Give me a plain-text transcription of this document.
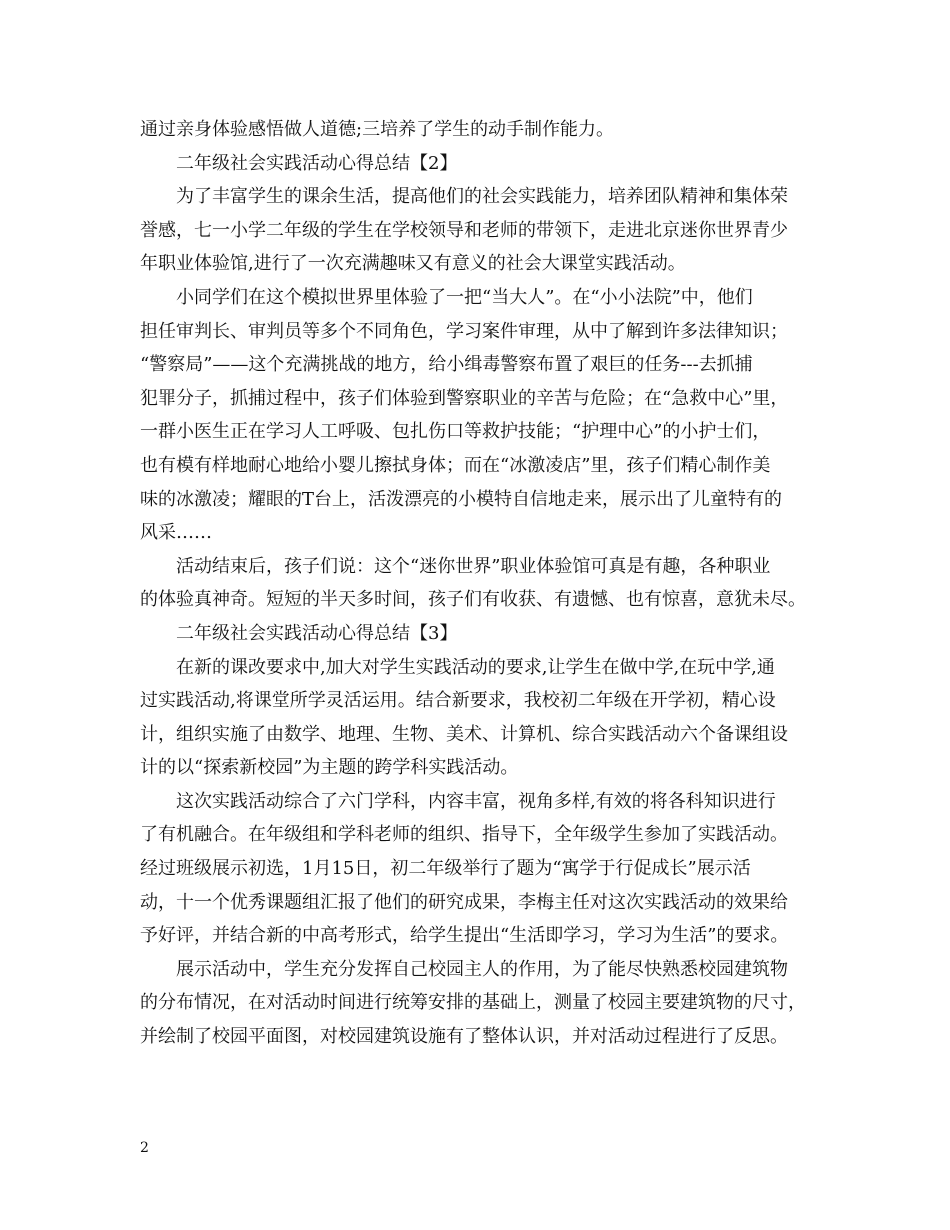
通过亲身体验感悟做人道德;三培养了学生的动手制作能力。
二年级社会实践活动心得总结【2】
为了丰富学生的课余生活，提高他们的社会实践能力，培养团队精神和集体荣
誉感，七一小学二年级的学生在学校领导和老师的带领下，走进北京迷你世界青少
年职业体验馆,进行了一次充满趣味又有意义的社会大课堂实践活动。
小同学们在这个模拟世界里体验了一把“当大人”。在“小小法院”中，他们
担任审判长、审判员等多个不同角色，学习案件审理，从中了解到许多法律知识；
“警察局”——这个充满挑战的地方，给小缉毒警察布置了艰巨的任务---去抓捕
犯罪分子，抓捕过程中，孩子们体验到警察职业的辛苦与危险；在“急救中心”里，
一群小医生正在学习人工呼吸、包扎伤口等救护技能；“护理中心”的小护士们，
也有模有样地耐心地给小婴儿擦拭身体；而在“冰激凌店”里，孩子们精心制作美
味的冰激凌；耀眼的T台上，活泼漂亮的小模特自信地走来，展示出了儿童特有的
风采……
活动结束后，孩子们说：这个“迷你世界”职业体验馆可真是有趣，各种职业
的体验真神奇。短短的半天多时间，孩子们有收获、有遗憾、也有惊喜，意犹未尽。
二年级社会实践活动心得总结【3】
在新的课改要求中,加大对学生实践活动的要求,让学生在做中学,在玩中学,通
过实践活动,将课堂所学灵活运用。结合新要求，我校初二年级在开学初，精心设
计，组织实施了由数学、地理、生物、美术、计算机、综合实践活动六个备课组设
计的以“探索新校园”为主题的跨学科实践活动。
这次实践活动综合了六门学科，内容丰富，视角多样,有效的将各科知识进行
了有机融合。在年级组和学科老师的组织、指导下，全年级学生参加了实践活动。
经过班级展示初选，1月15日，初二年级举行了题为“寓学于行促成长”展示活
动，十一个优秀课题组汇报了他们的研究成果，李梅主任对这次实践活动的效果给
予好评，并结合新的中高考形式，给学生提出“生活即学习，学习为生活”的要求。
展示活动中，学生充分发挥自己校园主人的作用，为了能尽快熟悉校园建筑物
的分布情况，在对活动时间进行统筹安排的基础上，测量了校园主要建筑物的尺寸，
并绘制了校园平面图，对校园建筑设施有了整体认识，并对活动过程进行了反思。
2
